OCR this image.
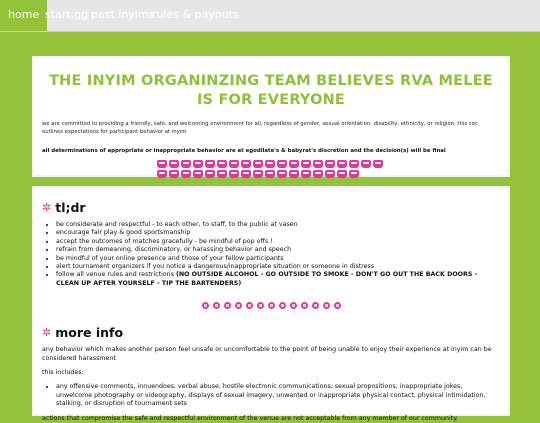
home start.gg past inyims
rules & payouts
THE INYIM ORGANINZING TEAM BELIEVES RVA MELEE IS FOR EVERYONE

we are committed to providing a friendly, safe, and welcoming environment for all, regardless of gender, sexual orientation, disability, ethnicity, or religion. this coc outlines expectations for participant behavior at inyim

all determinations of appropriate or inappropriate behavior are at egodilate's & babyrat's discretion and the decision(s) will be final

✲ tl;dr
• be considerate and respectful - to each other, to staff, to the public at vasen
• encourage fair play & good sportsmanship
• accept the outcomes of matches gracefully - be mindful of pop offs !
• refrain from demeaning, discriminatory, or harassing behavior and speech
• be mindful of your online presence and those of your fellow participants
• alert tournament organizers if you notice a dangerous/inappropriate situation or someone in distress
• follow all venue rules and restrictions (NO OUTSIDE ALCOHOL - GO OUTSIDE TO SMOKE - DON'T GO OUT THE BACK DOORS - CLEAN UP AFTER YOURSELF - TIP THE BARTENDERS)
✲ more info

any behavior which makes another person feel unsafe or uncomfortable to the point of being unable to enjoy their experience at inyim can be considered harassment

this includes:

• any offensive comments, innuendoes, verbal abuse, hostile electronic communications, sexual propositions, inappropriate jokes, unwelcome photography or videography, displays of sexual imagery, unwanted or inappropriate physical contact, physical intimidation, stalking, or disruption of tournament sets

actions that compromise the safe and respectful environment of the venue are not acceptable from any member of our community.
